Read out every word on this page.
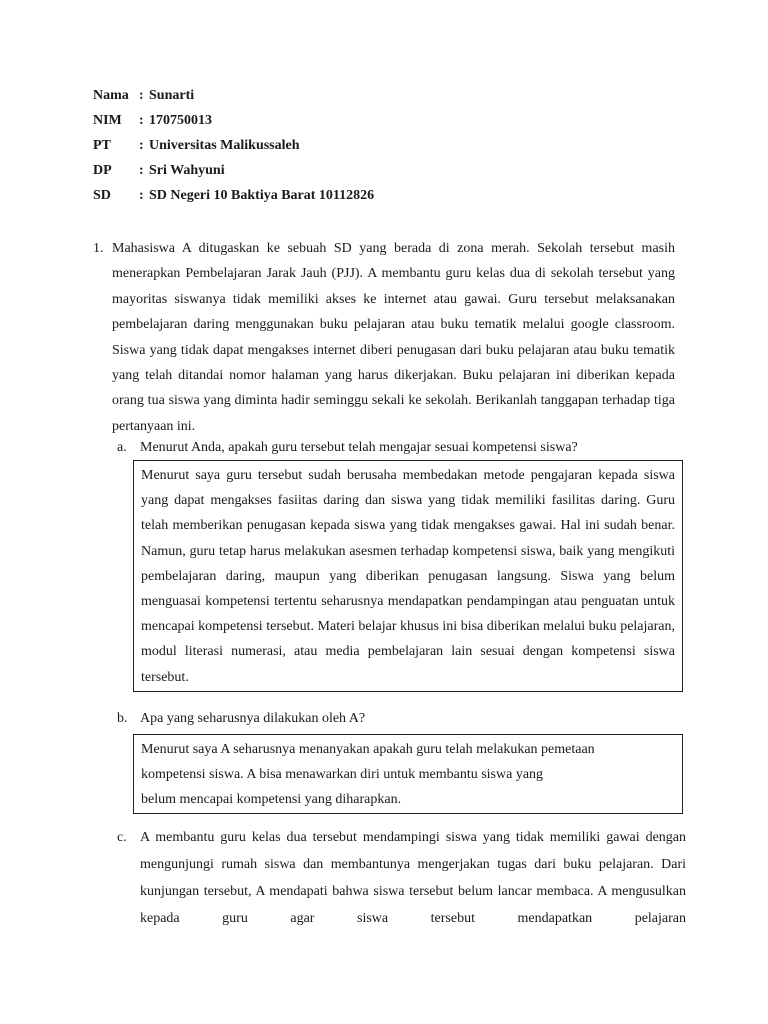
Nama : Sunarti
NIM : 170750013
PT : Universitas Malikussaleh
DP : Sri Wahyuni
SD : SD Negeri 10 Baktiya Barat 10112826
1. Mahasiswa A ditugaskan ke sebuah SD yang berada di zona merah. Sekolah tersebut masih menerapkan Pembelajaran Jarak Jauh (PJJ). A membantu guru kelas dua di sekolah tersebut yang mayoritas siswanya tidak memiliki akses ke internet atau gawai. Guru tersebut melaksanakan pembelajaran daring menggunakan buku pelajaran atau buku tematik melalui google classroom. Siswa yang tidak dapat mengakses internet diberi penugasan dari buku pelajaran atau buku tematik yang telah ditandai nomor halaman yang harus dikerjakan. Buku pelajaran ini diberikan kepada orang tua siswa yang diminta hadir seminggu sekali ke sekolah. Berikanlah tanggapan terhadap tiga pertanyaan ini.
a. Menurut Anda, apakah guru tersebut telah mengajar sesuai kompetensi siswa?
Menurut saya guru tersebut sudah berusaha membedakan metode pengajaran kepada siswa yang dapat mengakses fasiitas daring dan siswa yang tidak memiliki fasilitas daring. Guru telah memberikan penugasan kepada siswa yang tidak mengakses gawai. Hal ini sudah benar. Namun, guru tetap harus melakukan asesmen terhadap kompetensi siswa, baik yang mengikuti pembelajaran daring, maupun yang diberikan penugasan langsung. Siswa yang belum menguasai kompetensi tertentu seharusnya mendapatkan pendampingan atau penguatan untuk mencapai kompetensi tersebut. Materi belajar khusus ini bisa diberikan melalui buku pelajaran, modul literasi numerasi, atau media pembelajaran lain sesuai dengan kompetensi siswa tersebut.
b. Apa yang seharusnya dilakukan oleh A?
Menurut saya A seharusnya menanyakan apakah guru telah melakukan pemetaan
kompetensi siswa. A bisa menawarkan diri untuk membantu siswa yang
belum mencapai kompetensi yang diharapkan.
c. A membantu guru kelas dua tersebut mendampingi siswa yang tidak memiliki gawai dengan mengunjungi rumah siswa dan membantunya mengerjakan tugas dari buku pelajaran. Dari kunjungan tersebut, A mendapati bahwa siswa tersebut belum lancar membaca. A mengusulkan kepada guru agar siswa tersebut mendapatkan pelajaran
